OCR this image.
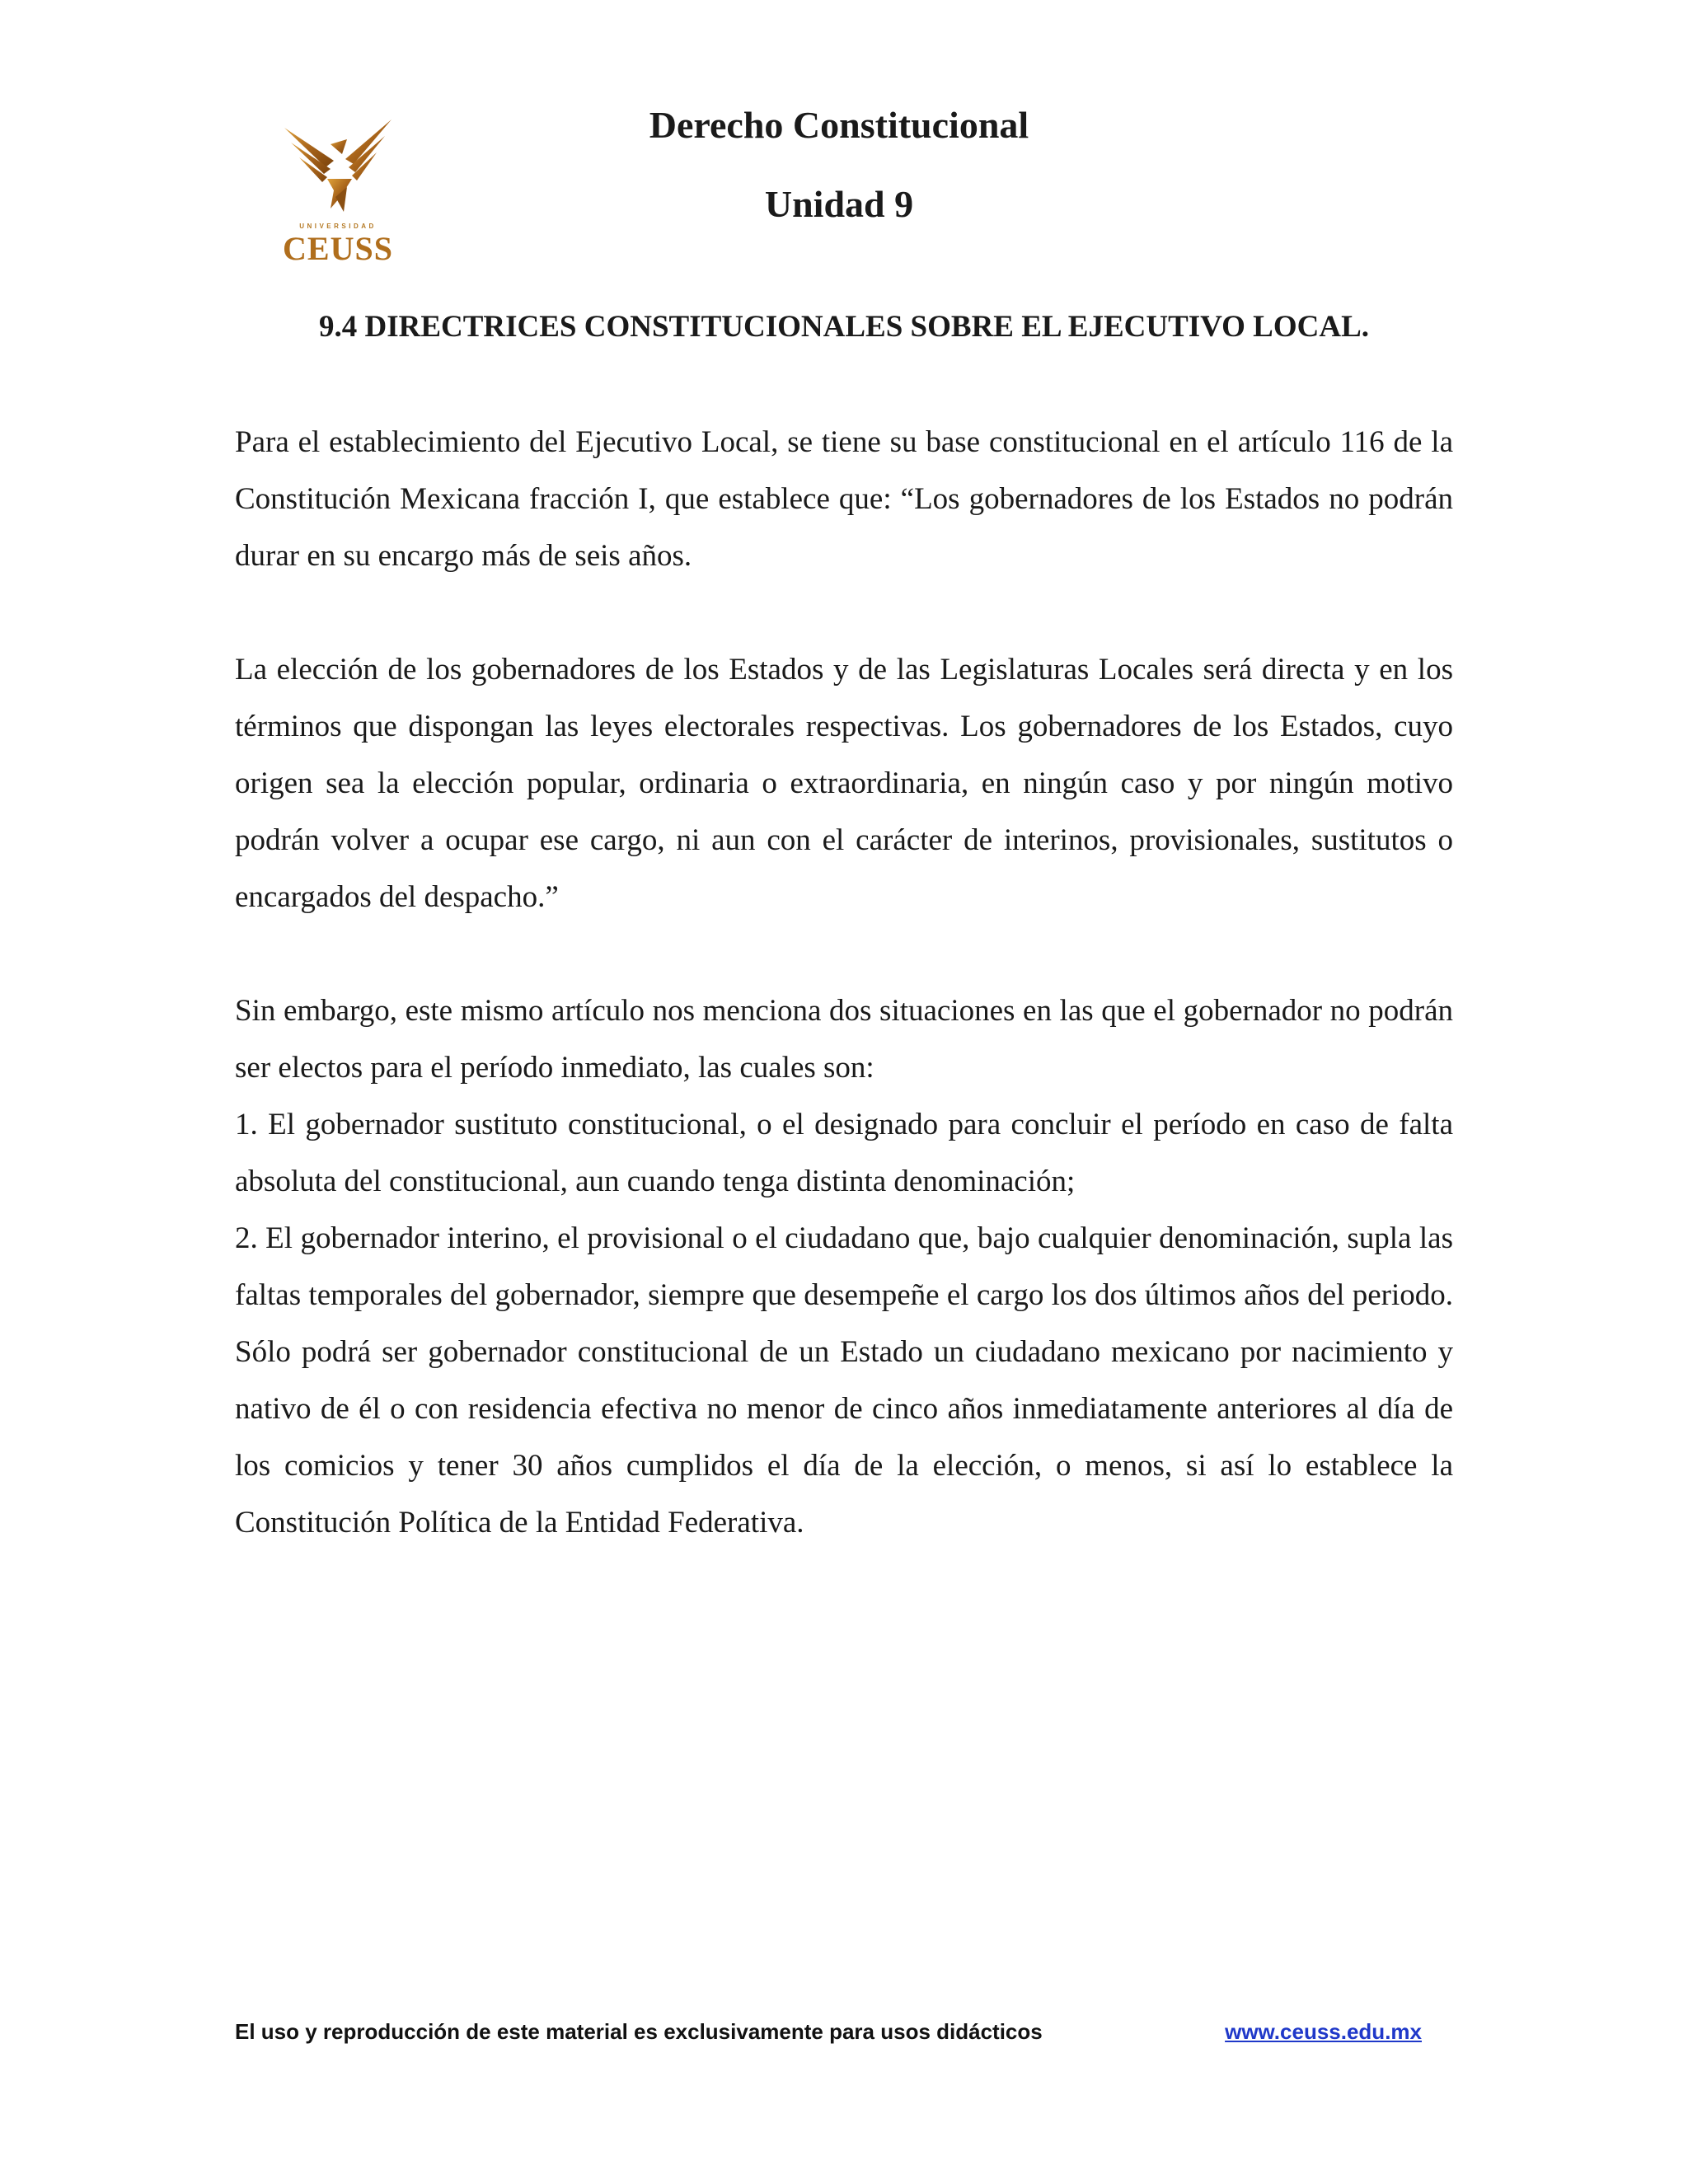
UNIVERSIDAD
CEUSS
Derecho Constitucional
Unidad 9
9.4 DIRECTRICES CONSTITUCIONALES SOBRE EL EJECUTIVO LOCAL.

Para el establecimiento del Ejecutivo Local, se tiene su base constitucional en el artículo 116 de la Constitución Mexicana fracción I, que establece que: “Los gobernadores de los Estados no podrán durar en su encargo más de seis años.

La elección de los gobernadores de los Estados y de las Legislaturas Locales será directa y en los términos que dispongan las leyes electorales respectivas. Los gobernadores de los Estados, cuyo origen sea la elección popular, ordinaria o extraordinaria, en ningún caso y por ningún motivo podrán volver a ocupar ese cargo, ni aun con el carácter de interinos, provisionales, sustitutos o encargados del despacho.”

Sin embargo, este mismo artículo nos menciona dos situaciones en las que el gobernador no podrán ser electos para el período inmediato, las cuales son:

1. El gobernador sustituto constitucional, o el designado para concluir el período en caso de falta absoluta del constitucional, aun cuando tenga distinta denominación;

2. El gobernador interino, el provisional o el ciudadano que, bajo cualquier denominación, supla las faltas temporales del gobernador, siempre que desempeñe el cargo los dos últimos años del periodo. Sólo podrá ser gobernador constitucional de un Estado un ciudadano mexicano por nacimiento y nativo de él o con residencia efectiva no menor de cinco años inmediatamente anteriores al día de los comicios y tener 30 años cumplidos el día de la elección, o menos, si así lo establece la Constitución Política de la Entidad Federativa.

El uso y reproducción de este material es exclusivamente para usos didácticos	www.ceuss.edu.mx
